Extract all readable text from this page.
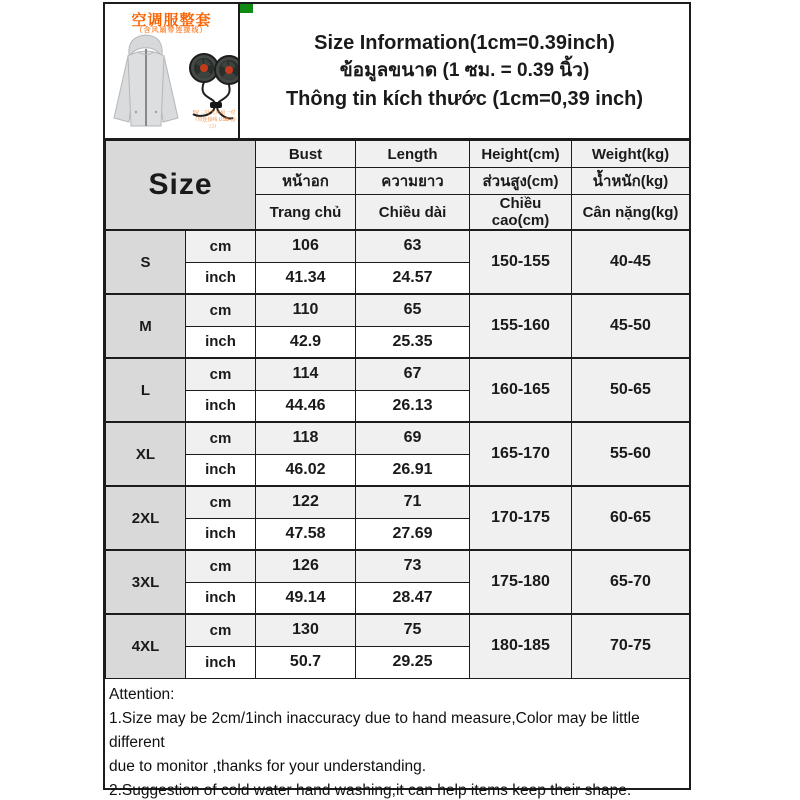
空调服整套
（含风扇带连接线）
5V 三叶大风扇一对
（带连接线 USB 接口）
Size Information(1cm=0.39inch)
ข้อมูลขนาด (1 ซม. = 0.39 นิ้ว)
Thông tin kích thước (1cm=0,39 inch)
Size		Bust	Length	Height(cm)	Weight(kg)
		หน้าอก	ความยาว	ส่วนสูง(cm)	น้ำหนัก(kg)
		Trang chủ	Chiều dài	Chiều cao(cm)	Cân nặng(kg)
S	cm	106	63	150-155	40-45
	inch	41.34	24.57		
M	cm	110	65	155-160	45-50
	inch	42.9	25.35		
L	cm	114	67	160-165	50-65
	inch	44.46	26.13		
XL	cm	118	69	165-170	55-60
	inch	46.02	26.91		
2XL	cm	122	71	170-175	60-65
	inch	47.58	27.69		
3XL	cm	126	73	175-180	65-70
	inch	49.14	28.47		
4XL	cm	130	75	180-185	70-75
	inch	50.7	29.25		
Attention:
1.Size may be 2cm/1inch inaccuracy due to hand measure,Color may be little different
due to monitor ,thanks for your understanding.
2.Suggestion of cold water hand washing,it can help items keep their shape.
